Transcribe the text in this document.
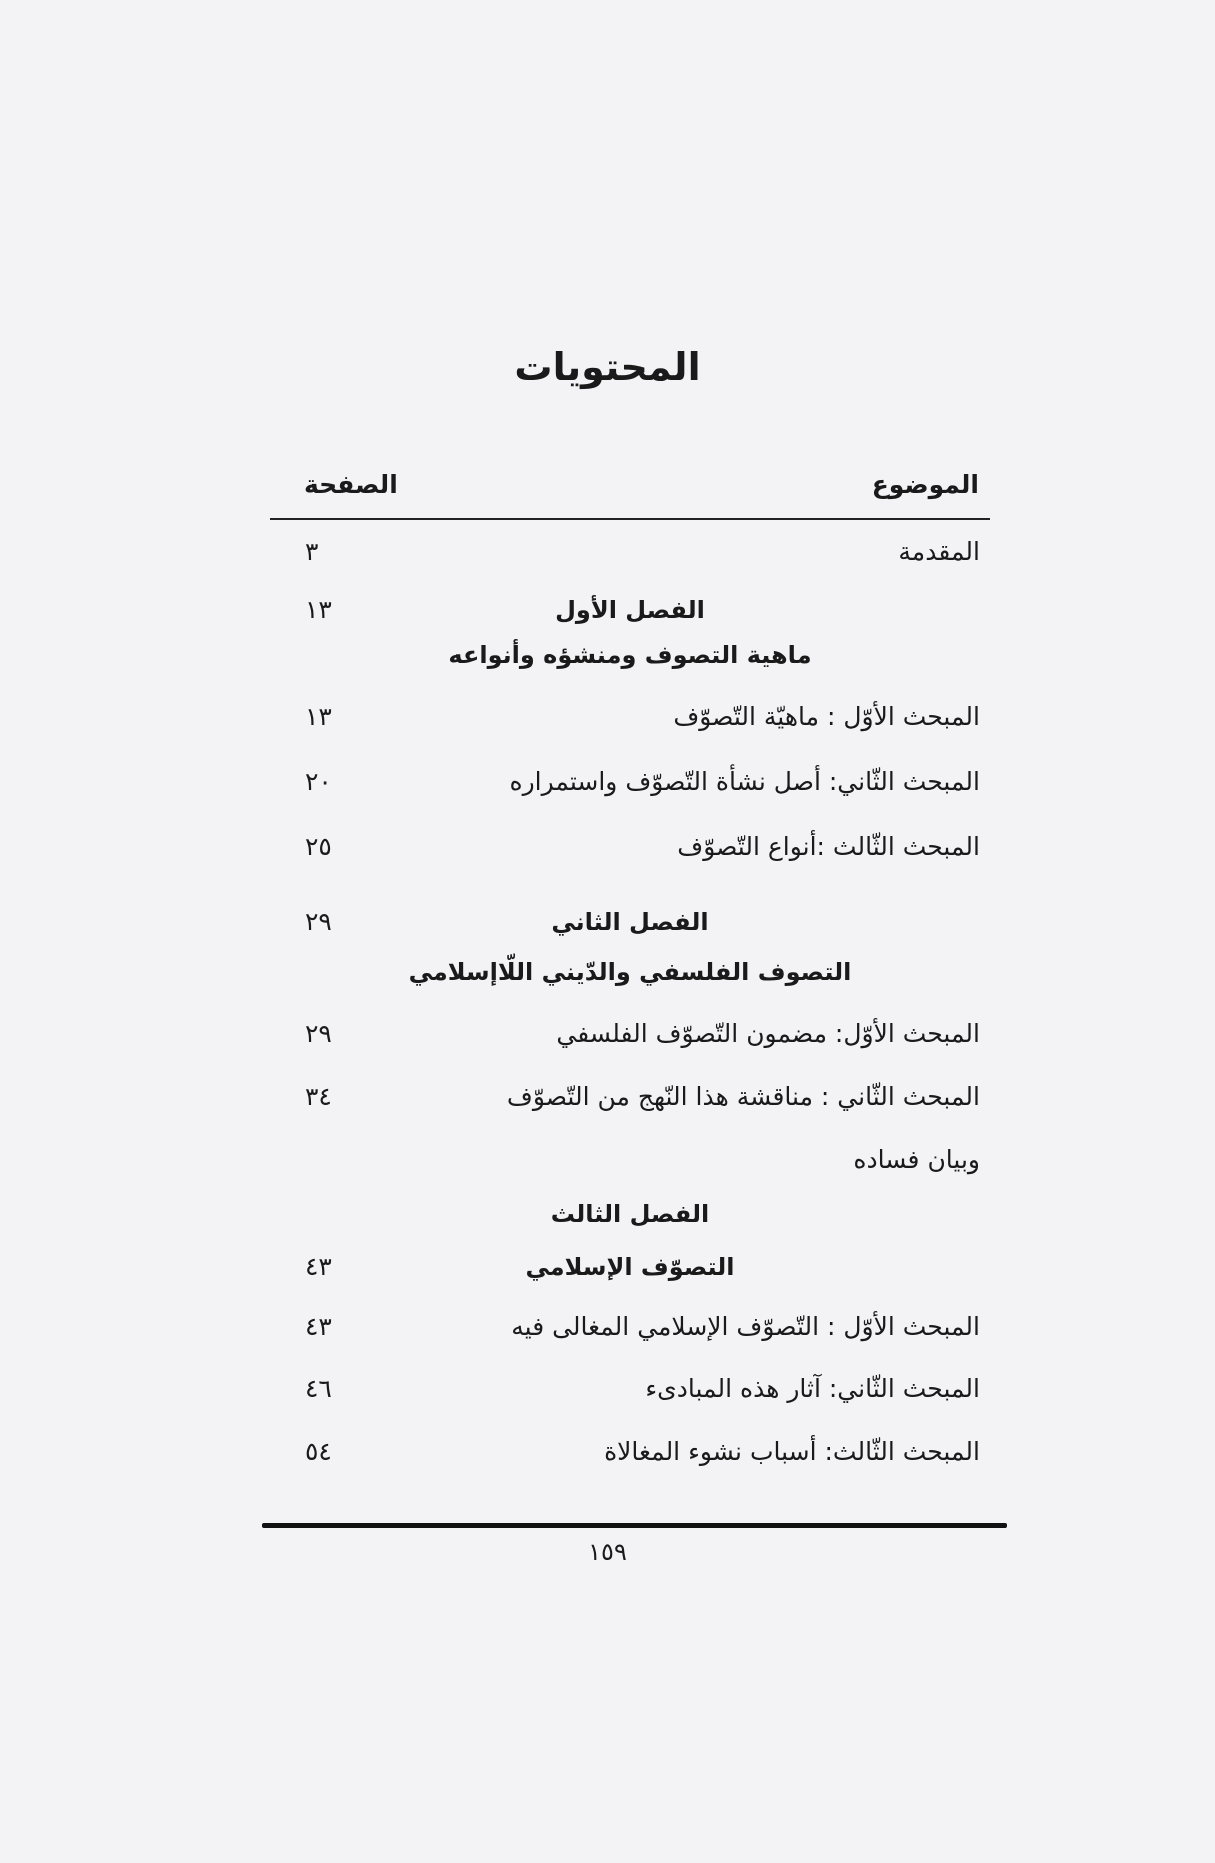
المحتويات
الموضوع
الصفحة
المقدمة
٣
الفصل الأول
١٣
ماهية التصوف ومنشؤه وأنواعه
المبحث الأوّل : ماهيّة التّصوّف
١٣
المبحث الثّاني: أصل نشأة التّصوّف واستمراره
٢٠
المبحث الثّالث :أنواع التّصوّف
٢٥
الفصل الثاني
٢٩
التصوف الفلسفي والدّيني اللّاإسلامي
المبحث الأوّل: مضمون التّصوّف الفلسفي
٢٩
المبحث الثّاني : مناقشة هذا النّهج من التّصوّف
٣٤
وبيان فساده
الفصل الثالث
التصوّف الإسلامي
٤٣
المبحث الأوّل : التّصوّف الإسلامي المغالى فيه
٤٣
المبحث الثّاني: آثار هذه المبادىء
٤٦
المبحث الثّالث: أسباب نشوء المغالاة
٥٤
١٥٩
